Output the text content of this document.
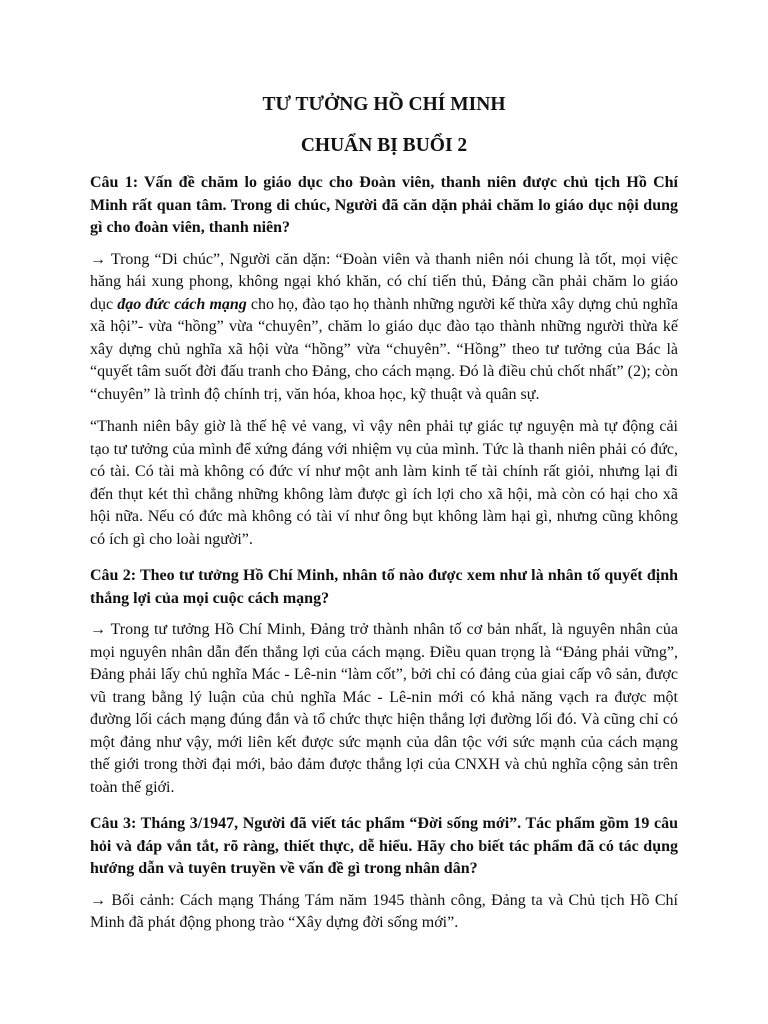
TƯ TƯỞNG HỒ CHÍ MINH
CHUẨN BỊ BUỔI 2

Câu 1: Vấn đề chăm lo giáo dục cho Đoàn viên, thanh niên được chủ tịch Hồ Chí Minh rất quan tâm. Trong di chúc, Người đã căn dặn phải chăm lo giáo dục nội dung gì cho đoàn viên, thanh niên?

→ Trong “Di chúc”, Người căn dặn: “Đoàn viên và thanh niên nói chung là tốt, mọi việc hăng hái xung phong, không ngại khó khăn, có chí tiến thủ, Đảng cần phải chăm lo giáo dục đạo đức cách mạng cho họ, đào tạo họ thành những người kế thừa xây dựng chủ nghĩa xã hội”- vừa “hồng” vừa “chuyên”, chăm lo giáo dục đào tạo thành những người thừa kế xây dựng chủ nghĩa xã hội vừa “hồng” vừa “chuyên”. “Hồng” theo tư tưởng của Bác là “quyết tâm suốt đời đấu tranh cho Đảng, cho cách mạng. Đó là điều chủ chốt nhất” (2); còn “chuyên” là trình độ chính trị, văn hóa, khoa học, kỹ thuật và quân sự.

“Thanh niên bây giờ là thế hệ vẻ vang, vì vậy nên phải tự giác tự nguyện mà tự động cải tạo tư tưởng của mình để xứng đáng với nhiệm vụ của mình. Tức là thanh niên phải có đức, có tài. Có tài mà không có đức ví như một anh làm kinh tế tài chính rất giỏi, nhưng lại đi đến thụt két thì chẳng những không làm được gì ích lợi cho xã hội, mà còn có hại cho xã hội nữa. Nếu có đức mà không có tài ví như ông bụt không làm hại gì, nhưng cũng không có ích gì cho loài người”.

Câu 2: Theo tư tưởng Hồ Chí Minh, nhân tố nào được xem như là nhân tố quyết định thắng lợi của mọi cuộc cách mạng?

→ Trong tư tưởng Hồ Chí Minh, Đảng trở thành nhân tố cơ bản nhất, là nguyên nhân của mọi nguyên nhân dẫn đến thắng lợi của cách mạng. Điều quan trọng là “Đảng phải vững”, Đảng phải lấy chủ nghĩa Mác - Lê-nin “làm cốt”, bởi chỉ có đảng của giai cấp vô sản, được vũ trang bằng lý luận của chủ nghĩa Mác - Lê-nin mới có khả năng vạch ra được một đường lối cách mạng đúng đắn và tổ chức thực hiện thắng lợi đường lối đó. Và cũng chỉ có một đảng như vậy, mới liên kết được sức mạnh của dân tộc với sức mạnh của cách mạng thế giới trong thời đại mới, bảo đảm được thắng lợi của CNXH và chủ nghĩa cộng sản trên toàn thế giới.

Câu 3: Tháng 3/1947, Người đã viết tác phẩm “Đời sống mới”. Tác phẩm gồm 19 câu hỏi và đáp vắn tắt, rõ ràng, thiết thực, dễ hiểu. Hãy cho biết tác phẩm đã có tác dụng hướng dẫn và tuyên truyền về vấn đề gì trong nhân dân?

→ Bối cảnh: Cách mạng Tháng Tám năm 1945 thành công, Đảng ta và Chủ tịch Hồ Chí Minh đã phát động phong trào “Xây dựng đời sống mới”.
